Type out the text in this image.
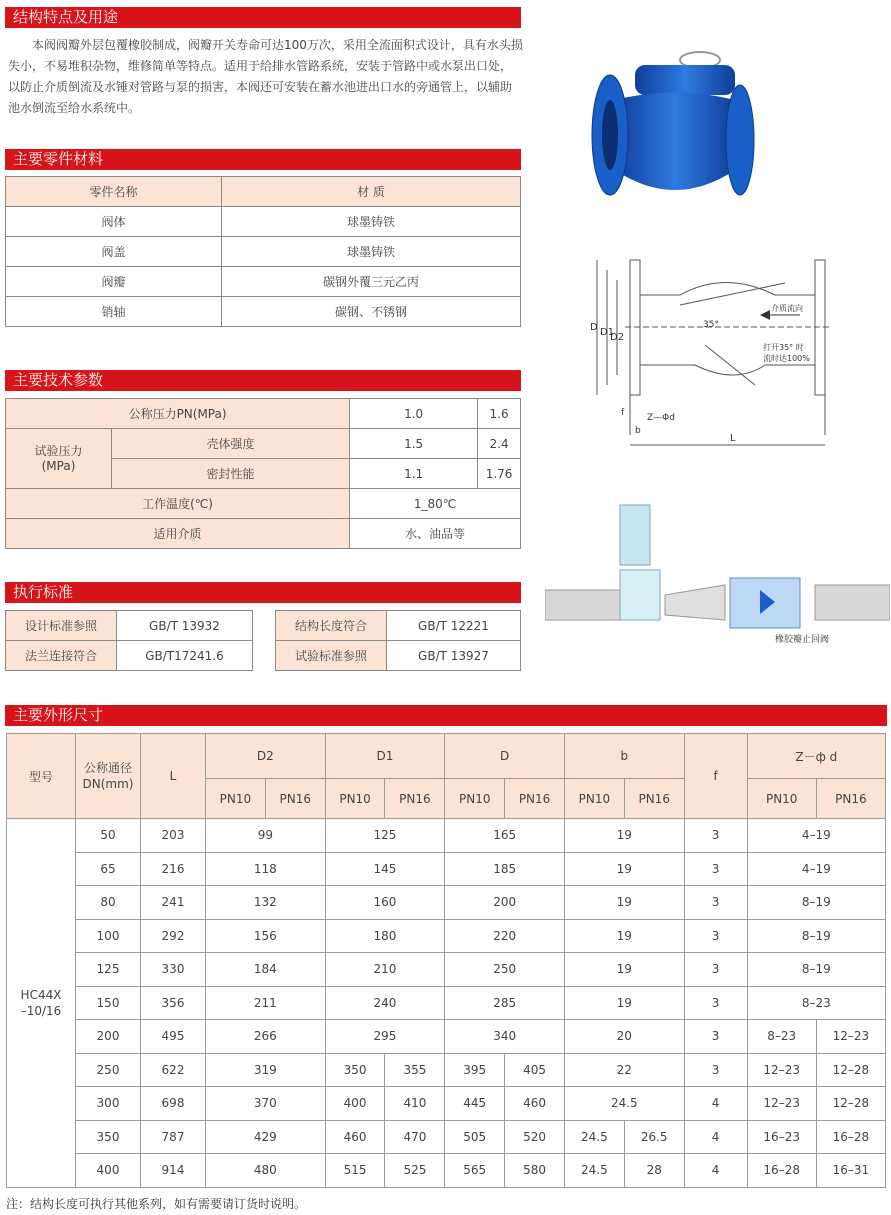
结构特点及用途
本阀阀瓣外层包覆橡胶制成，阀瓣开关寿命可达100万次，采用全流面积式设计，具有水头损失小，不易堆积杂物，维修简单等特点。适用于给排水管路系统，安装于管路中或水泵出口处，以防止介质倒流及水锤对管路与泵的损害，本阀还可安装在蓄水池进出口水的旁通管上，以辅助池水倒流至给水系统中。
主要零件材料
零件名称	材 质
阀体	球墨铸铁
阀盖	球墨铸铁
阀瓣	碳钢外覆三元乙丙
销轴	碳钢、不锈钢
主要技术参数
公称压力PN(MPa)		1.0	1.6
试验压力
(MPa)	壳体强度	1.5	2.4
	密封性能	1.1	1.76
工作温度(℃)		1_80℃	
适用介质		水、油品等	
执行标准
设计标准参照	GB/T 13932
法兰连接符合	GB/T17241.6
结构长度符合	GB/T 12221
试验标准参照	GB/T 13927
D D1
D2
35°
介质流向
打开35° 时
流时达100%
f
b
Z—Φd
L
橡胶瓣止回阀
主要外形尺寸
型号	公称通径
DN(mm)	L	D2		D1		D		b		f	Z－ф d	
			PN10	PN16	PN10	PN16	PN10	PN16	PN10	PN16		PN10	PN16
HC44X
–10/16	50	203	99		125		165		19		3	4–19	
	65	216	118		145		185		19		3	4–19	
	80	241	132		160		200		19		3	8–19	
	100	292	156		180		220		19		3	8–19	
	125	330	184		210		250		19		3	8–19	
	150	356	211		240		285		19		3	8–23	
	200	495	266		295		340		20		3	8–23	12–23
	250	622	319		350	355	395	405	22		3	12–23	12–28
	300	698	370		400	410	445	460	24.5		4	12–23	12–28
	350	787	429		460	470	505	520	24.5	26.5	4	16–23	16–28
	400	914	480		515	525	565	580	24.5	28	4	16–28	16–31
注：结构长度可执行其他系列，如有需要请订货时说明。
